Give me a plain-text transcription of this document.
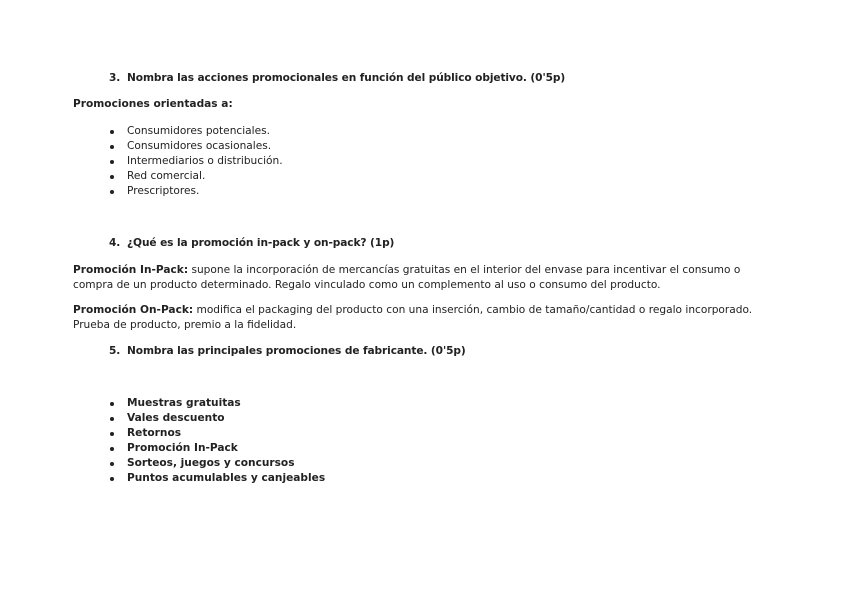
3. Nombra las acciones promocionales en función del público objetivo. (0'5p)
Promociones orientadas a:
Consumidores potenciales.
Consumidores ocasionales.
Intermediarios o distribución.
Red comercial.
Prescriptores.
4. ¿Qué es la promoción in-pack y on-pack? (1p)
Promoción In-Pack: supone la incorporación de mercancías gratuitas en el interior del envase para incentivar el consumo o compra de un producto determinado. Regalo vinculado como un complemento al uso o consumo del producto.
Promoción On-Pack: modifica el packaging del producto con una inserción, cambio de tamaño/cantidad o regalo incorporado. Prueba de producto, premio a la fidelidad.
5. Nombra las principales promociones de fabricante. (0'5p)
Muestras gratuitas
Vales descuento
Retornos
Promoción In-Pack
Sorteos, juegos y concursos
Puntos acumulables y canjeables
